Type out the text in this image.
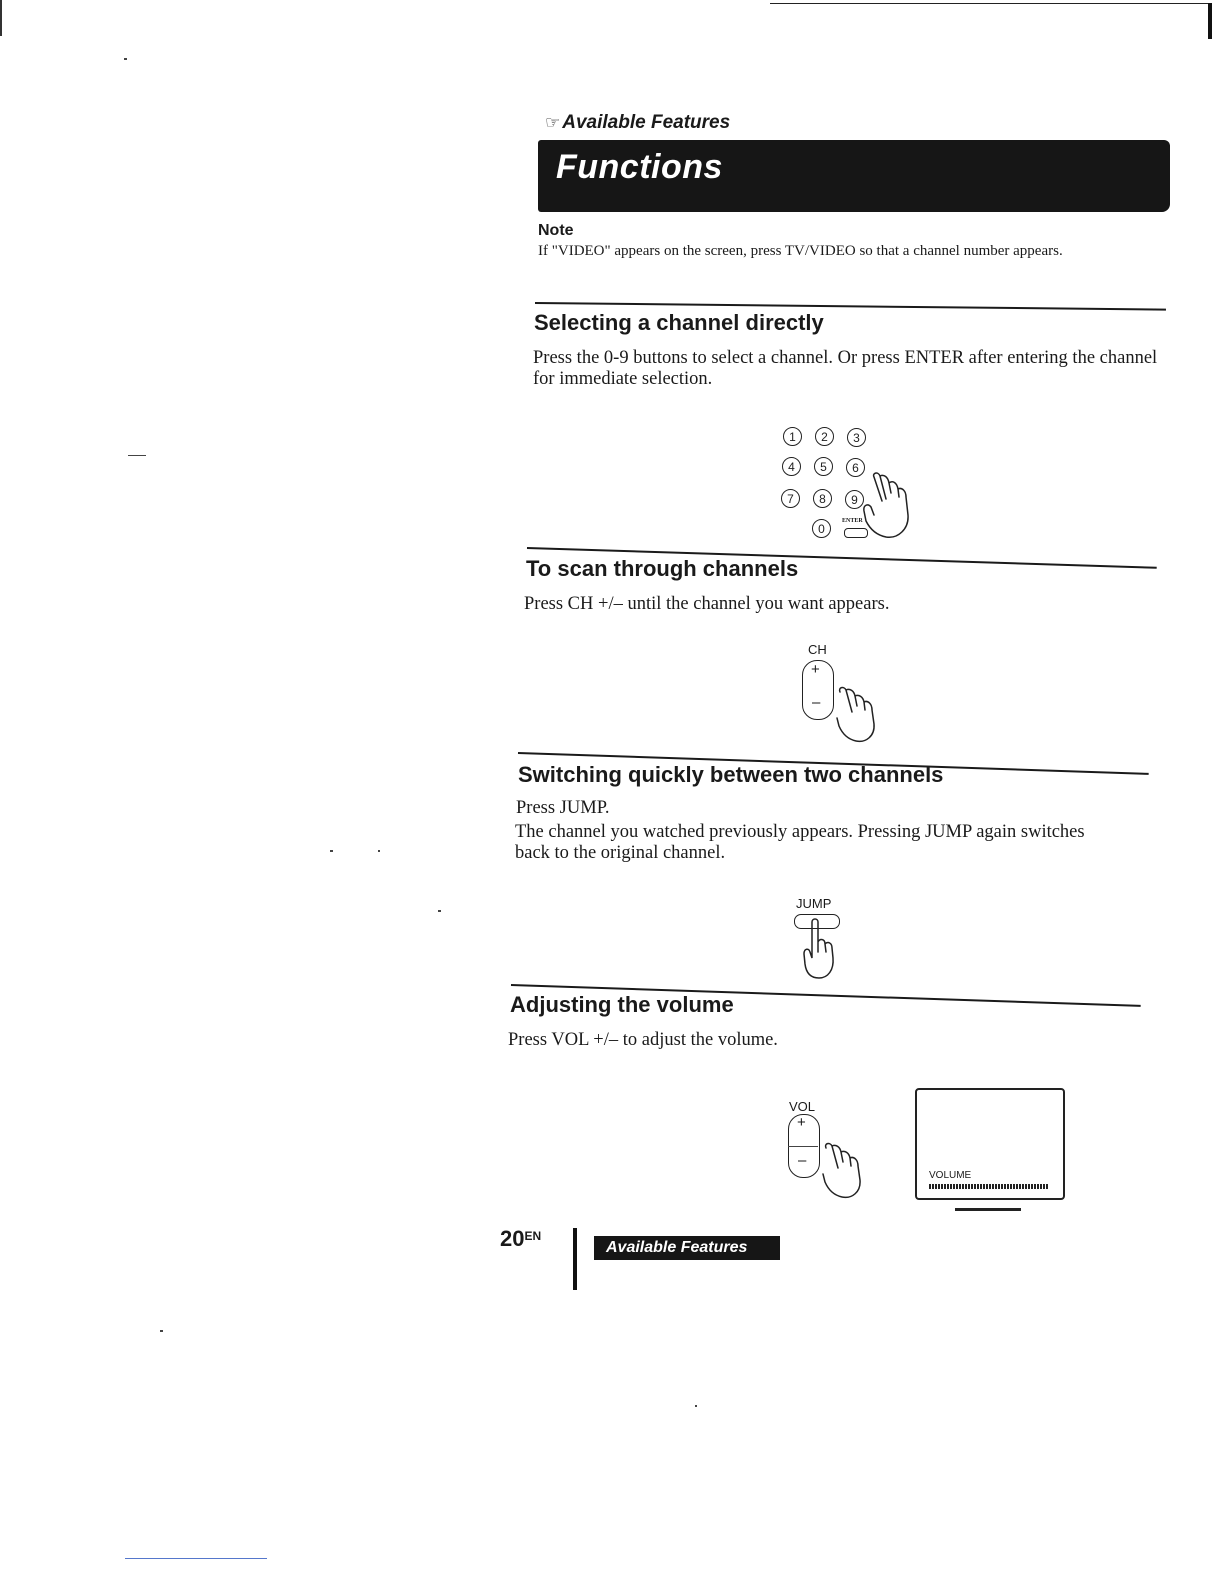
☞ Available Features
Functions
Note
If "VIDEO" appears on the screen, press TV/VIDEO so that a channel number appears.
Selecting a channel directly
Press the 0-9 buttons to select a channel. Or press ENTER after entering the channel for immediate selection.
1	2	3
4	5	6
7	8	9
0
ENTER
To scan through channels
Press CH +/– until the channel you want appears.
CH
+
–
Switching quickly between two channels
Press JUMP.
The channel you watched previously appears. Pressing JUMP again switches back to the original channel.
JUMP
Adjusting the volume
Press VOL +/– to adjust the volume.
VOL
+
–
VOLUME
$20^{EN}$
Available Features
